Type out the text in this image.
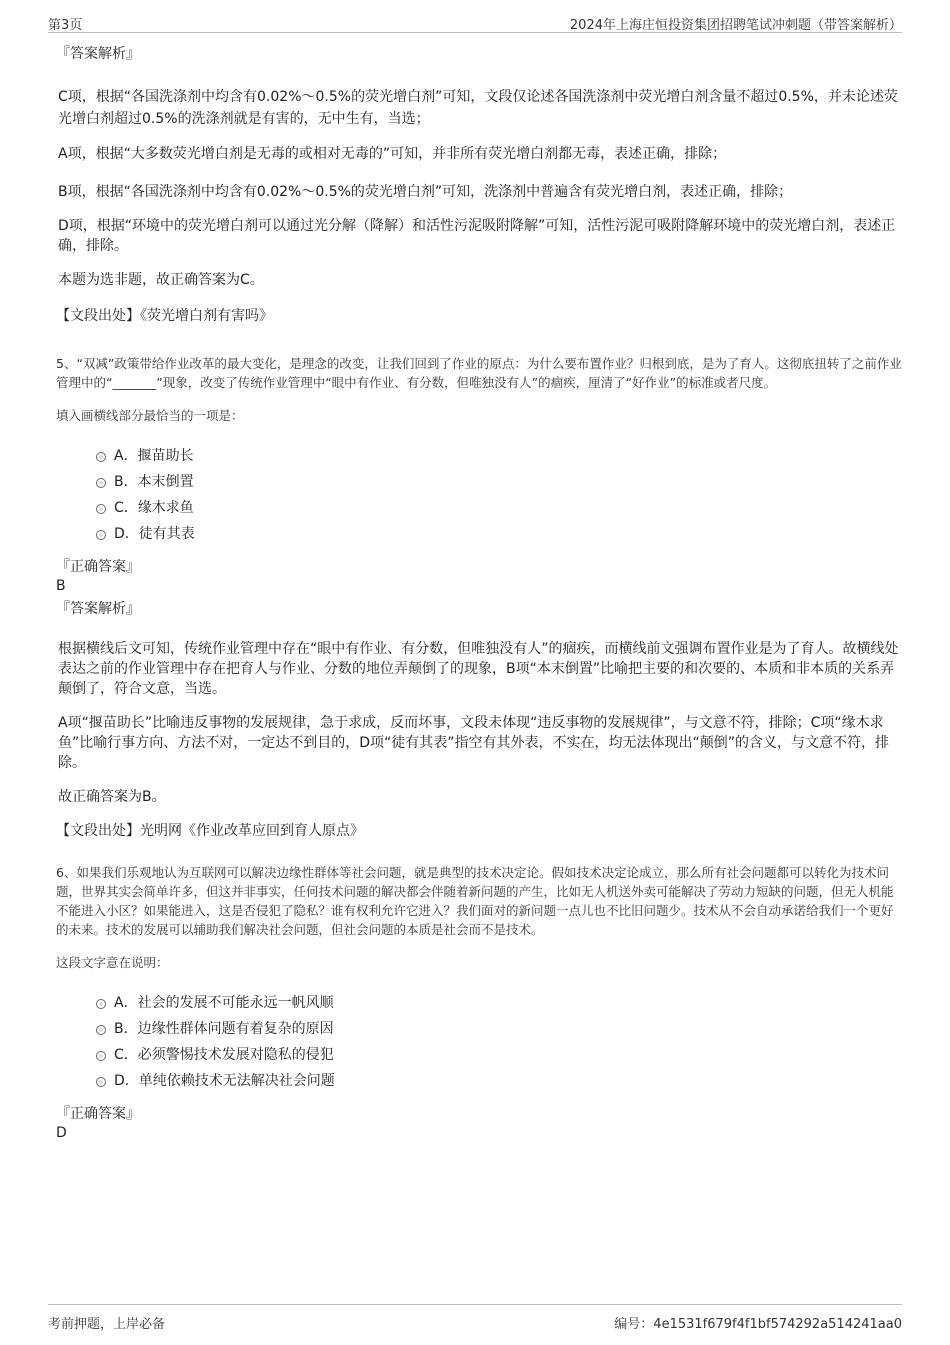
第3页	2024年上海庄恒投资集团招聘笔试冲刺题（带答案解析）

『答案解析』

C项，根据“各国洗涤剂中均含有0.02%～0.5%的荧光增白剂”可知，文段仅论述各国洗涤剂中荧光增白剂含量不超过0.5%，并未论述荧光增白剂超过0.5%的洗涤剂就是有害的，无中生有，当选；

A项，根据“大多数荧光增白剂是无毒的或相对无毒的”可知，并非所有荧光增白剂都无毒，表述正确，排除；

B项，根据“各国洗涤剂中均含有0.02%～0.5%的荧光增白剂”可知，洗涤剂中普遍含有荧光增白剂，表述正确，排除；

D项，根据“环境中的荧光增白剂可以通过光分解（降解）和活性污泥吸附降解”可知，活性污泥可吸附降解环境中的荧光增白剂，表述正确，排除。

本题为选非题，故正确答案为C。

【文段出处】《荧光增白剂有害吗》

5、“双减”政策带给作业改革的最大变化，是理念的改变，让我们回到了作业的原点：为什么要布置作业？归根到底，是为了育人。这彻底扭转了之前作业管理中的“_______”现象，改变了传统作业管理中“眼中有作业、有分数，但唯独没有人”的痼疾，厘清了“好作业”的标准或者尺度。

填入画横线部分最恰当的一项是：

A．揠苗助长
B．本末倒置
C．缘木求鱼
D．徒有其表

『正确答案』

B

『答案解析』

根据横线后文可知，传统作业管理中存在“眼中有作业、有分数，但唯独没有人”的痼疾，而横线前文强调布置作业是为了育人。故横线处表达之前的作业管理中存在把育人与作业、分数的地位弄颠倒了的现象，B项“本末倒置”比喻把主要的和次要的、本质和非本质的关系弄颠倒了，符合文意，当选。

A项“揠苗助长”比喻违反事物的发展规律，急于求成，反而坏事，文段未体现“违反事物的发展规律”，与文意不符，排除；C项“缘木求鱼”比喻行事方向、方法不对，一定达不到目的，D项“徒有其表”指空有其外表，不实在，均无法体现出“颠倒”的含义，与文意不符，排除。

故正确答案为B。

【文段出处】光明网《作业改革应回到育人原点》

6、如果我们乐观地认为互联网可以解决边缘性群体等社会问题，就是典型的技术决定论。假如技术决定论成立，那么所有社会问题都可以转化为技术问题，世界其实会简单许多，但这并非事实，任何技术问题的解决都会伴随着新问题的产生，比如无人机送外卖可能解决了劳动力短缺的问题，但无人机能不能进入小区？如果能进入，这是否侵犯了隐私？谁有权利允许它进入？我们面对的新问题一点儿也不比旧问题少。技术从不会自动承诺给我们一个更好的未来。技术的发展可以辅助我们解决社会问题，但社会问题的本质是社会而不是技术。

这段文字意在说明：

A．社会的发展不可能永远一帆风顺
B．边缘性群体问题有着复杂的原因
C．必须警惕技术发展对隐私的侵犯
D．单纯依赖技术无法解决社会问题

『正确答案』

D

考前押题，上岸必备	编号：4e1531f679f4f1bf574292a514241aa0
